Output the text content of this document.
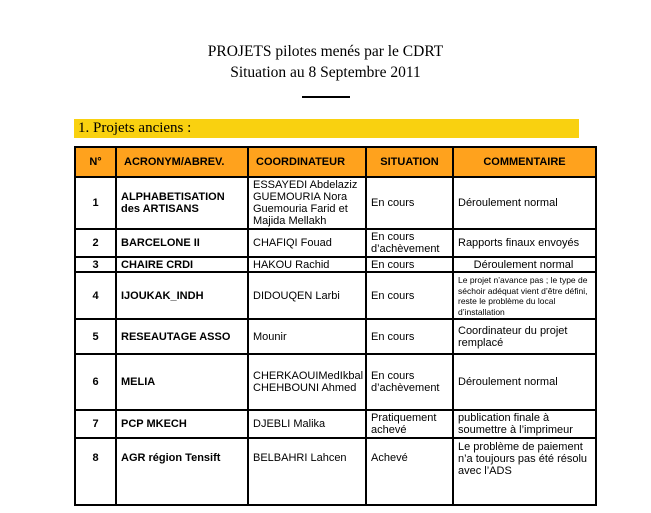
PROJETS pilotes menés par le CDRT
Situation au 8 Septembre 2011
1. Projets anciens :
N°	ACRONYM/ABREV.	COORDINATEUR	SITUATION	COMMENTAIRE
1	ALPHABETISATION des ARTISANS	ESSAYEDI Abdelaziz GUEMOURIA Nora Guemouria Farid et Majida Mellakh	En cours	Déroulement normal
2	BARCELONE II	CHAFIQI Fouad	En cours d’achèvement	Rapports finaux envoyés
3	CHAIRE CRDI	HAKOU Rachid	En cours	Déroulement normal
4	IJOUKAK_INDH	DIDOUQEN Larbi	En cours	Le projet n’avance pas ; le type de séchoir adéquat vient d’être défini, reste le problème du local d’installation
5	RESEAUTAGE ASSO	Mounir	En cours	Coordinateur du projet remplacé
6	MELIA	CHERKAOUIMedIkbal CHEHBOUNI Ahmed	En cours d’achèvement	Déroulement normal
7	PCP MKECH	DJEBLI Malika	Pratiquement achevé	publication finale à soumettre à l’imprimeur
8	AGR région Tensift	BELBAHRI Lahcen	Achevé	Le problème de paiement n’a toujours pas été résolu avec l’ADS
